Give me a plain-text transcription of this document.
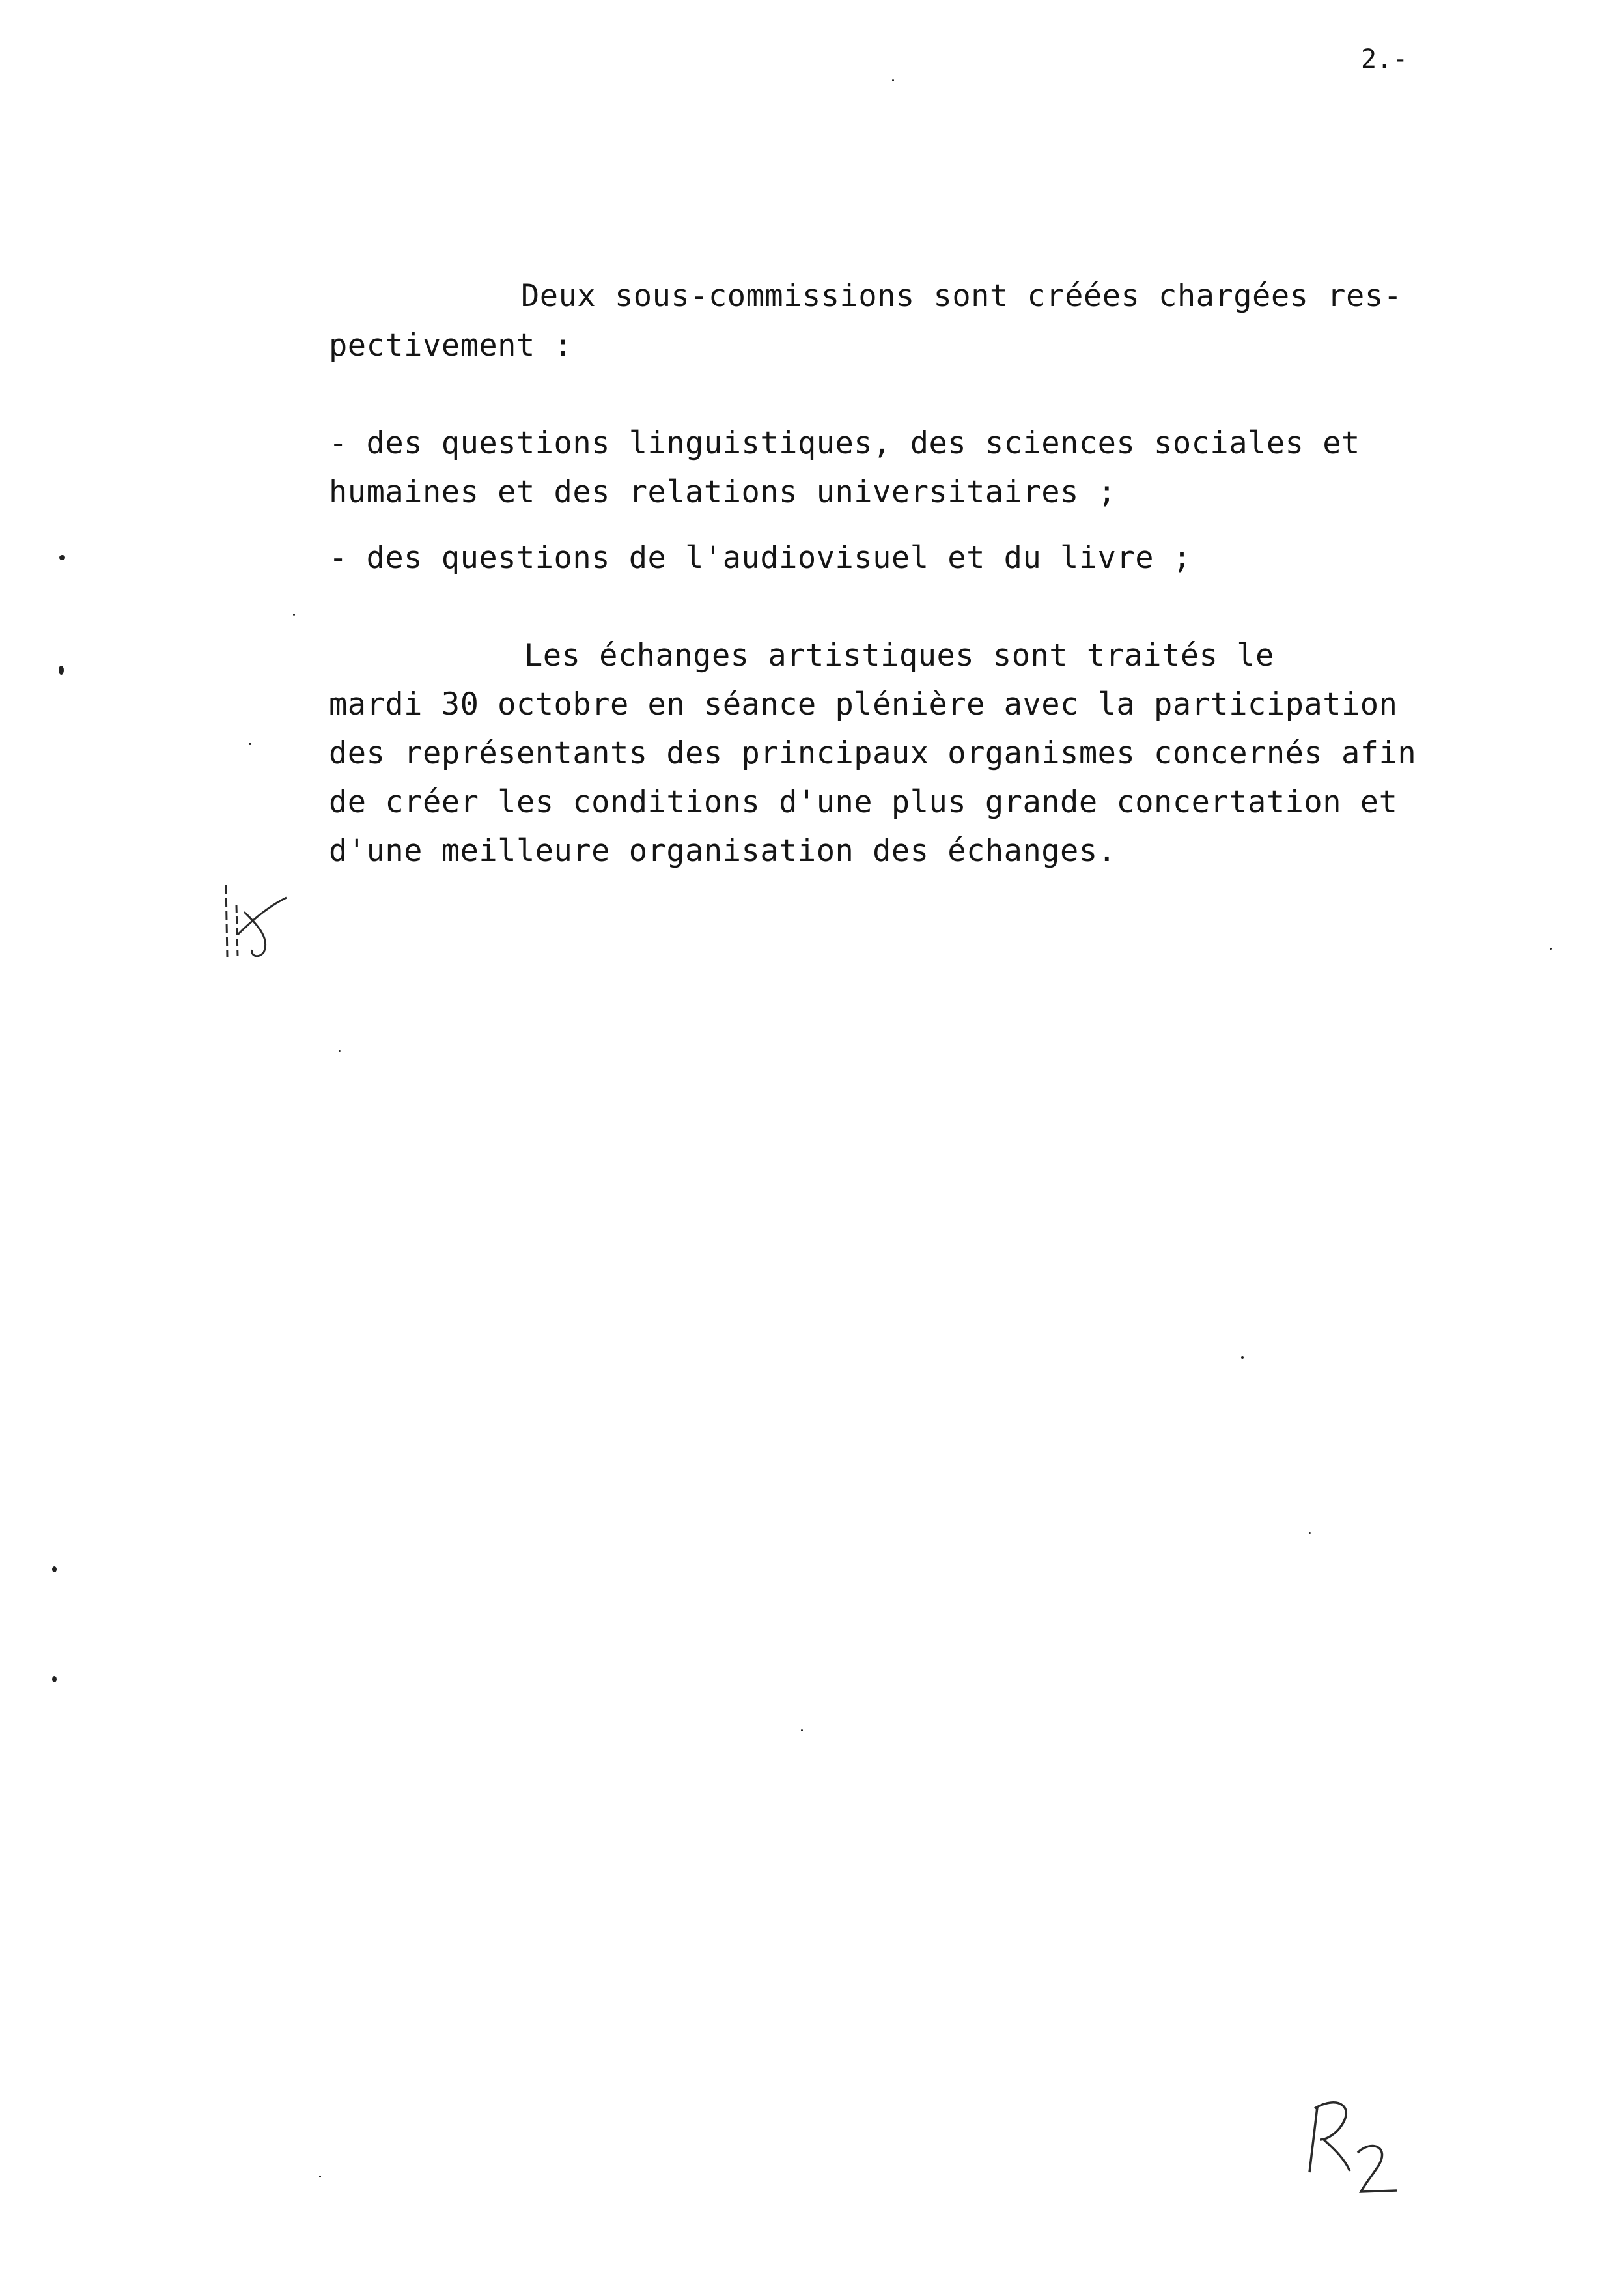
2.-
Deux sous-commissions sont créées chargées res-
pectivement :
- des questions linguistiques, des sciences sociales et
humaines et des relations universitaires ;
- des questions de l'audiovisuel et du livre ;
Les échanges artistiques sont traités le
mardi 30 octobre en séance plénière avec la participation
des représentants des principaux organismes concernés afin
de créer les conditions d'une plus grande concertation et
d'une meilleure organisation des échanges.
